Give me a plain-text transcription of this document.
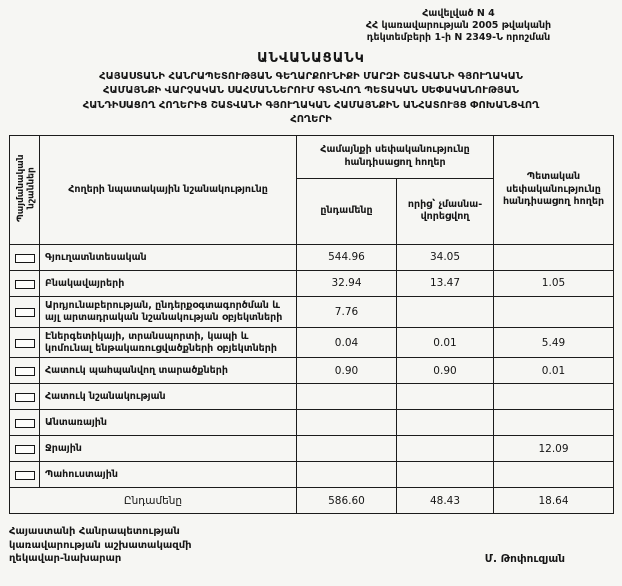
Հավելված N 4
ՀՀ կառավարության 2005 թվականի
դեկտեմբերի 1-ի N 2349-Ն որոշման
ԱՆՎԱՆԱՑԱՆԿ
ՀԱՅԱՍՏԱՆԻ ՀԱՆՐԱՊԵՏՈՒԹՅԱՆ ԳԵՂԱՐՔՈՒՆԻՔԻ ՄԱՐԶԻ ՇԱՏՎԱՆԻ ԳՅՈՒՂԱԿԱՆ
ՀԱՄԱՅՆՔԻ ՎԱՐՉԱԿԱՆ ՍԱՀՄԱՆՆԵՐՈՒՄ ԳՏՆՎՈՂ ՊԵՏԱԿԱՆ ՍԵՓԱԿԱՆՈՒԹՅԱՆ
ՀԱՆԴԻՍԱՑՈՂ ՀՈՂԵՐԻՑ ՇԱՏՎԱՆԻ ԳՅՈՒՂԱԿԱՆ ՀԱՄԱՅՆՔԻՆ ԱՆՀԱՏՈՒՅՑ ՓՈԽԱՆՑՎՈՂ
ՀՈՂԵՐԻ
Պայմանական նշաններ	Հողերի նպատակային նշանակությունը	Համայնքի սեփականությունը հանդիսացող հողեր		Պետական սեփականությունը հանդիսացող հողեր
		ընդամենը	որից՝ չմասնա-վորեցվող	
	Գյուղատնտեսական	544.96	34.05	
	Բնակավայրերի	32.94	13.47	1.05
	Արդյունաբերության, ընդերքօգտագործման և այլ արտադրական նշանակության օբյեկտների	7.76		
	Էներգետիկայի, տրանսպորտի, կապի և կոմունալ ենթակառուցվածքների օբյեկտների	0.04	0.01	5.49
	Հատուկ պահպանվող տարածքների	0.90	0.90	0.01
	Հատուկ նշանակության			
	Անտառային			
	Ջրային			12.09
	Պահուստային			
Ընդամենը		586.60	48.43	18.64
Հայաստանի Հանրապետության
կառավարության աշխատակազմի
ղեկավար-նախարար	Մ. Թոփուզյան
